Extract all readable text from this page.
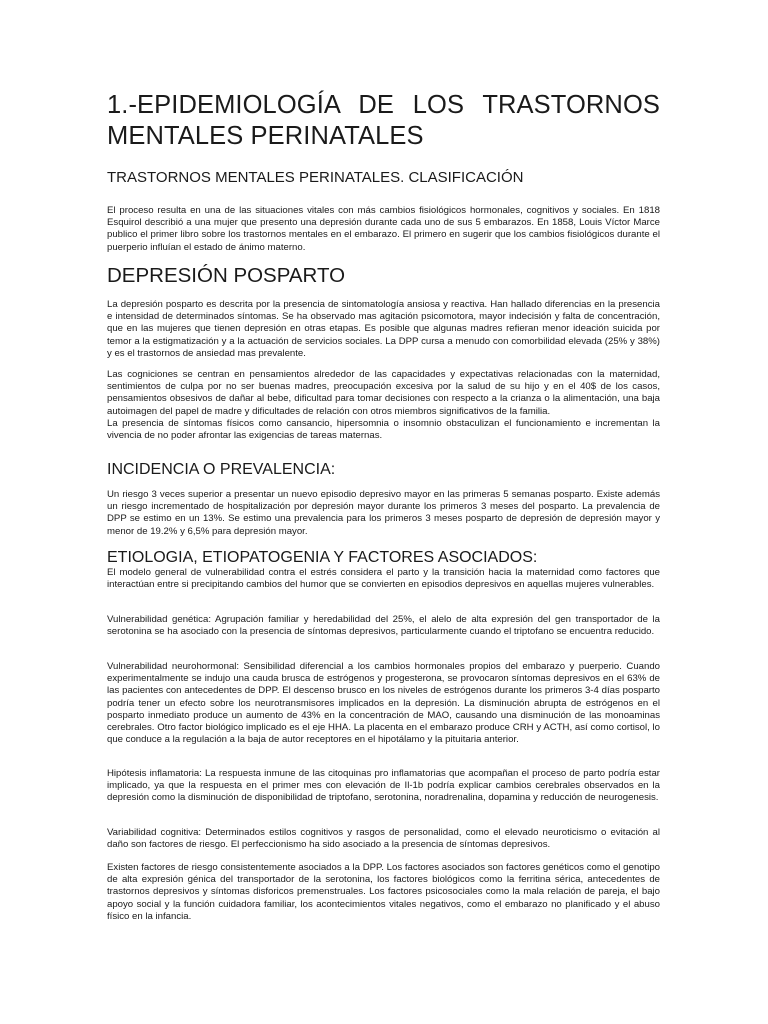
1.-EPIDEMIOLOGÍA DE LOS TRASTORNOS MENTALES PERINATALES
TRASTORNOS MENTALES PERINATALES. CLASIFICACIÓN

El proceso resulta en una de las situaciones vitales con más cambios fisiológicos hormonales, cognitivos y sociales. En 1818 Esquirol describió a una mujer que presento una depresión durante cada uno de sus 5 embarazos. En 1858, Louis Víctor Marce publico el primer libro sobre los trastornos mentales en el embarazo. El primero en sugerir que los cambios fisiológicos durante el puerperio influían el estado de ánimo materno.

DEPRESIÓN POSPARTO

La depresión posparto es descrita por la presencia de sintomatología ansiosa y reactiva. Han hallado diferencias en la presencia e intensidad de determinados síntomas. Se ha observado mas agitación psicomotora, mayor indecisión y falta de concentración, que en las mujeres que tienen depresión en otras etapas. Es posible que algunas madres refieran menor ideación suicida por temor a la estigmatización y a la actuación de servicios sociales. La DPP cursa a menudo con comorbilidad elevada (25% y 38%) y es el trastornos de ansiedad mas prevalente.

Las cogniciones se centran en pensamientos alrededor de las capacidades y expectativas relacionadas con la maternidad, sentimientos de culpa por no ser buenas madres, preocupación excesiva por la salud de su hijo y en el 40$ de los casos, pensamientos obsesivos de dañar al bebe, dificultad para tomar decisiones con respecto a la crianza o la alimentación, una baja autoimagen del papel de madre y dificultades de relación con otros miembros significativos de la familia.

La presencia de síntomas físicos como cansancio, hipersomnia o insomnio obstaculizan el funcionamiento e incrementan la vivencia de no poder afrontar las exigencias de tareas maternas.

INCIDENCIA O PREVALENCIA:

Un riesgo 3 veces superior a presentar un nuevo episodio depresivo mayor en las primeras 5 semanas posparto. Existe además un riesgo incrementado de hospitalización por depresión mayor durante los primeros 3 meses del posparto. La prevalencia de DPP se estimo en un 13%. Se estimo una prevalencia para los primeros 3 meses posparto de depresión de depresión mayor y menor de 19.2% y 6,5% para depresión mayor.

ETIOLOGIA, ETIOPATOGENIA Y FACTORES ASOCIADOS:

El modelo general de vulnerabilidad contra el estrés considera el parto y la transición hacia la maternidad como factores que interactúan entre si precipitando cambios del humor que se convierten en episodios depresivos en aquellas mujeres vulnerables.

Vulnerabilidad genética: Agrupación familiar y heredabilidad del 25%, el alelo de alta expresión del gen transportador de la serotonina se ha asociado con la presencia de síntomas depresivos, particularmente cuando el triptofano se encuentra reducido.

Vulnerabilidad neurohormonal: Sensibilidad diferencial a los cambios hormonales propios del embarazo y puerperio. Cuando experimentalmente se indujo una cauda brusca de estrógenos y progesterona, se provocaron síntomas depresivos en el 63% de las pacientes con antecedentes de DPP. El descenso brusco en los niveles de estrógenos durante los primeros 3-4 días posparto podría tener un efecto sobre los neurotransmisores implicados en la depresión. La disminución abrupta de estrógenos en el posparto inmediato produce un aumento de 43% en la concentración de MAO, causando una disminución de las monoaminas cerebrales. Otro factor biológico implicado es el eje HHA. La placenta en el embarazo produce CRH y ACTH, así como cortisol, lo que conduce a la regulación a la baja de autor receptores en el hipotálamo y la pituitaria anterior.

Hipótesis inflamatoria: La respuesta inmune de las citoquinas pro inflamatorias que acompañan el proceso de parto podría estar implicado, ya que la respuesta en el primer mes con elevación de Il-1b podría explicar cambios cerebrales observados en la depresión como la disminución de disponibilidad de triptofano, serotonina, noradrenalina, dopamina y reducción de neurogenesis.

Variabilidad cognitiva: Determinados estilos cognitivos y rasgos de personalidad, como el elevado neuroticismo o evitación al daño son factores de riesgo. El perfeccionismo ha sido asociado a la presencia de síntomas depresivos.

Existen factores de riesgo consistentemente asociados a la DPP. Los factores asociados son factores genéticos como el genotipo de alta expresión génica del transportador de la serotonina, los factores biológicos como la ferritina sérica, antecedentes de trastornos depresivos y síntomas disforicos premenstruales. Los factores psicosociales como la mala relación de pareja, el bajo apoyo social y la función cuidadora familiar, los acontecimientos vitales negativos, como el embarazo no planificado y el abuso físico en la infancia.
